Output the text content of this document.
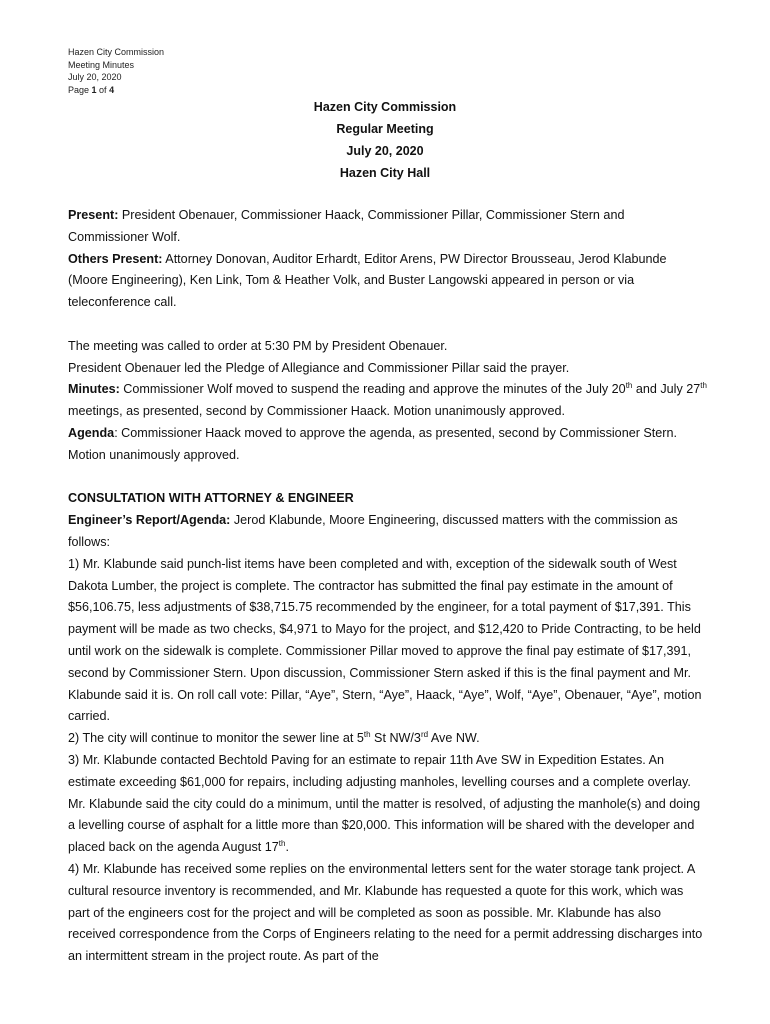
Hazen City Commission
Meeting Minutes
July 20, 2020
Page 1 of 4
Hazen City Commission
Regular Meeting
July 20, 2020
Hazen City Hall

Present: President Obenauer, Commissioner Haack, Commissioner Pillar, Commissioner Stern and Commissioner Wolf.

Others Present: Attorney Donovan, Auditor Erhardt, Editor Arens, PW Director Brousseau, Jerod Klabunde (Moore Engineering), Ken Link, Tom & Heather Volk, and Buster Langowski appeared in person or via teleconference call.

The meeting was called to order at 5:30 PM by President Obenauer.

President Obenauer led the Pledge of Allegiance and Commissioner Pillar said the prayer.

Minutes: Commissioner Wolf moved to suspend the reading and approve the minutes of the July 20th and July 27th meetings, as presented, second by Commissioner Haack. Motion unanimously approved.

Agenda: Commissioner Haack moved to approve the agenda, as presented, second by Commissioner Stern. Motion unanimously approved.

CONSULTATION WITH ATTORNEY & ENGINEER

Engineer’s Report/Agenda: Jerod Klabunde, Moore Engineering, discussed matters with the commission as follows:

1) Mr. Klabunde said punch-list items have been completed and with, exception of the sidewalk south of West Dakota Lumber, the project is complete. The contractor has submitted the final pay estimate in the amount of $56,106.75, less adjustments of $38,715.75 recommended by the engineer, for a total payment of $17,391. This payment will be made as two checks, $4,971 to Mayo for the project, and $12,420 to Pride Contracting, to be held until work on the sidewalk is complete. Commissioner Pillar moved to approve the final pay estimate of $17,391, second by Commissioner Stern. Upon discussion, Commissioner Stern asked if this is the final payment and Mr. Klabunde said it is. On roll call vote: Pillar, “Aye”, Stern, “Aye”, Haack, “Aye”, Wolf, “Aye”, Obenauer, “Aye”, motion carried.

2) The city will continue to monitor the sewer line at 5th St NW/3rd Ave NW.

3) Mr. Klabunde contacted Bechtold Paving for an estimate to repair 11th Ave SW in Expedition Estates. An estimate exceeding $61,000 for repairs, including adjusting manholes, levelling courses and a complete overlay. Mr. Klabunde said the city could do a minimum, until the matter is resolved, of adjusting the manhole(s) and doing a levelling course of asphalt for a little more than $20,000. This information will be shared with the developer and placed back on the agenda August 17th.

4) Mr. Klabunde has received some replies on the environmental letters sent for the water storage tank project. A cultural resource inventory is recommended, and Mr. Klabunde has requested a quote for this work, which was part of the engineers cost for the project and will be completed as soon as possible. Mr. Klabunde has also received correspondence from the Corps of Engineers relating to the need for a permit addressing discharges into an intermittent stream in the project route. As part of the
